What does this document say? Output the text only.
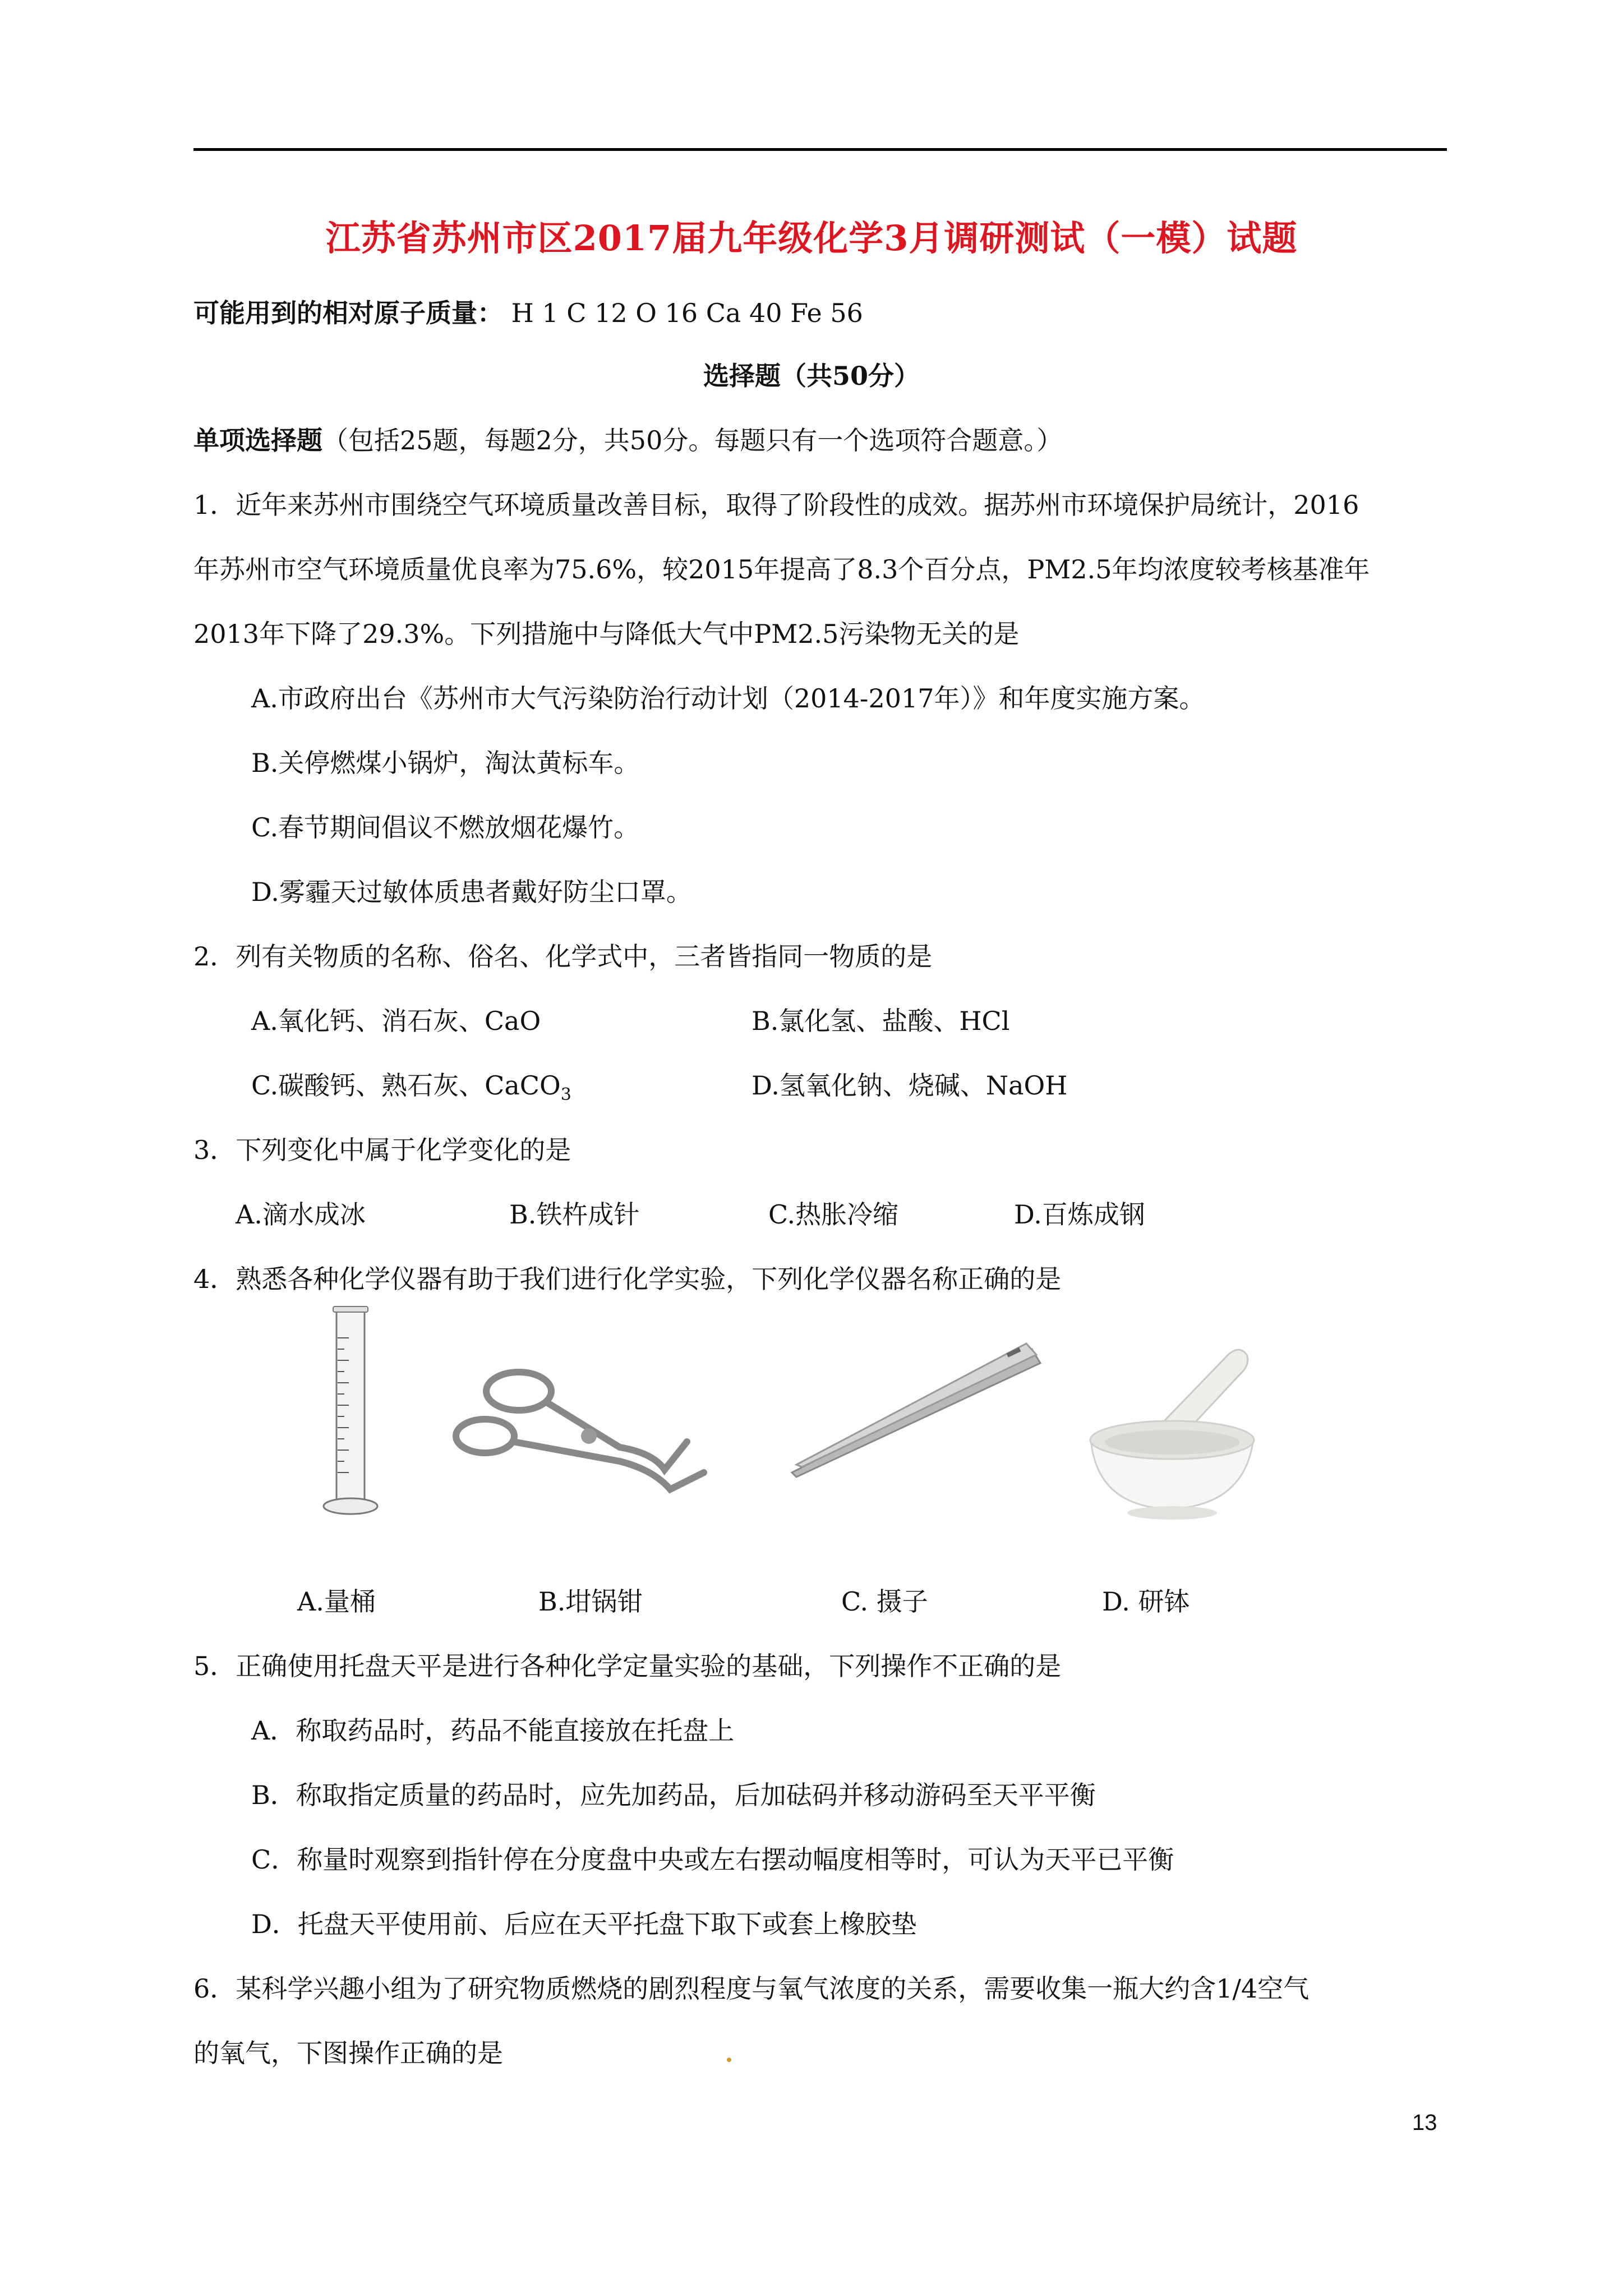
江苏省苏州市区2017届九年级化学3月调研测试（一模）试题
可能用到的相对原子质量： H 1 C 12 O 16 Ca 40 Fe 56
选择题（共50分）
单项选择题（包括25题，每题2分，共50分。每题只有一个选项符合题意。）
1．近年来苏州市围绕空气环境质量改善目标，取得了阶段性的成效。据苏州市环境保护局统计，2016
年苏州市空气环境质量优良率为75.6%，较2015年提高了8.3个百分点，PM2.5年均浓度较考核基准年
2013年下降了29.3%。下列措施中与降低大气中PM2.5污染物无关的是
A.市政府出台《苏州市大气污染防治行动计划（2014-2017年）》和年度实施方案。
B.关停燃煤小锅炉，淘汰黄标车。
C.春节期间倡议不燃放烟花爆竹。
D.雾霾天过敏体质患者戴好防尘口罩。
2．列有关物质的名称、俗名、化学式中，三者皆指同一物质的是
A.氧化钙、消石灰、CaO	B.氯化氢、盐酸、HCl
C.碳酸钙、熟石灰、CaCO$_3$	D.氢氧化钠、烧碱、NaOH
3．下列变化中属于化学变化的是
A.滴水成冰	B.铁杵成针	C.热胀冷缩	D.百炼成钢
4．熟悉各种化学仪器有助于我们进行化学实验，下列化学仪器名称正确的是
A.量桶	B.坩锅钳	C. 摄子	D. 研钵
5．正确使用托盘天平是进行各种化学定量实验的基础，下列操作不正确的是
A．称取药品时，药品不能直接放在托盘上
B．称取指定质量的药品时，应先加药品，后加砝码并移动游码至天平平衡
C．称量时观察到指针停在分度盘中央或左右摆动幅度相等时，可认为天平已平衡
D．托盘天平使用前、后应在天平托盘下取下或套上橡胶垫
6．某科学兴趣小组为了研究物质燃烧的剧烈程度与氧气浓度的关系，需要收集一瓶大约含1/4空气
的氧气，下图操作正确的是
13
